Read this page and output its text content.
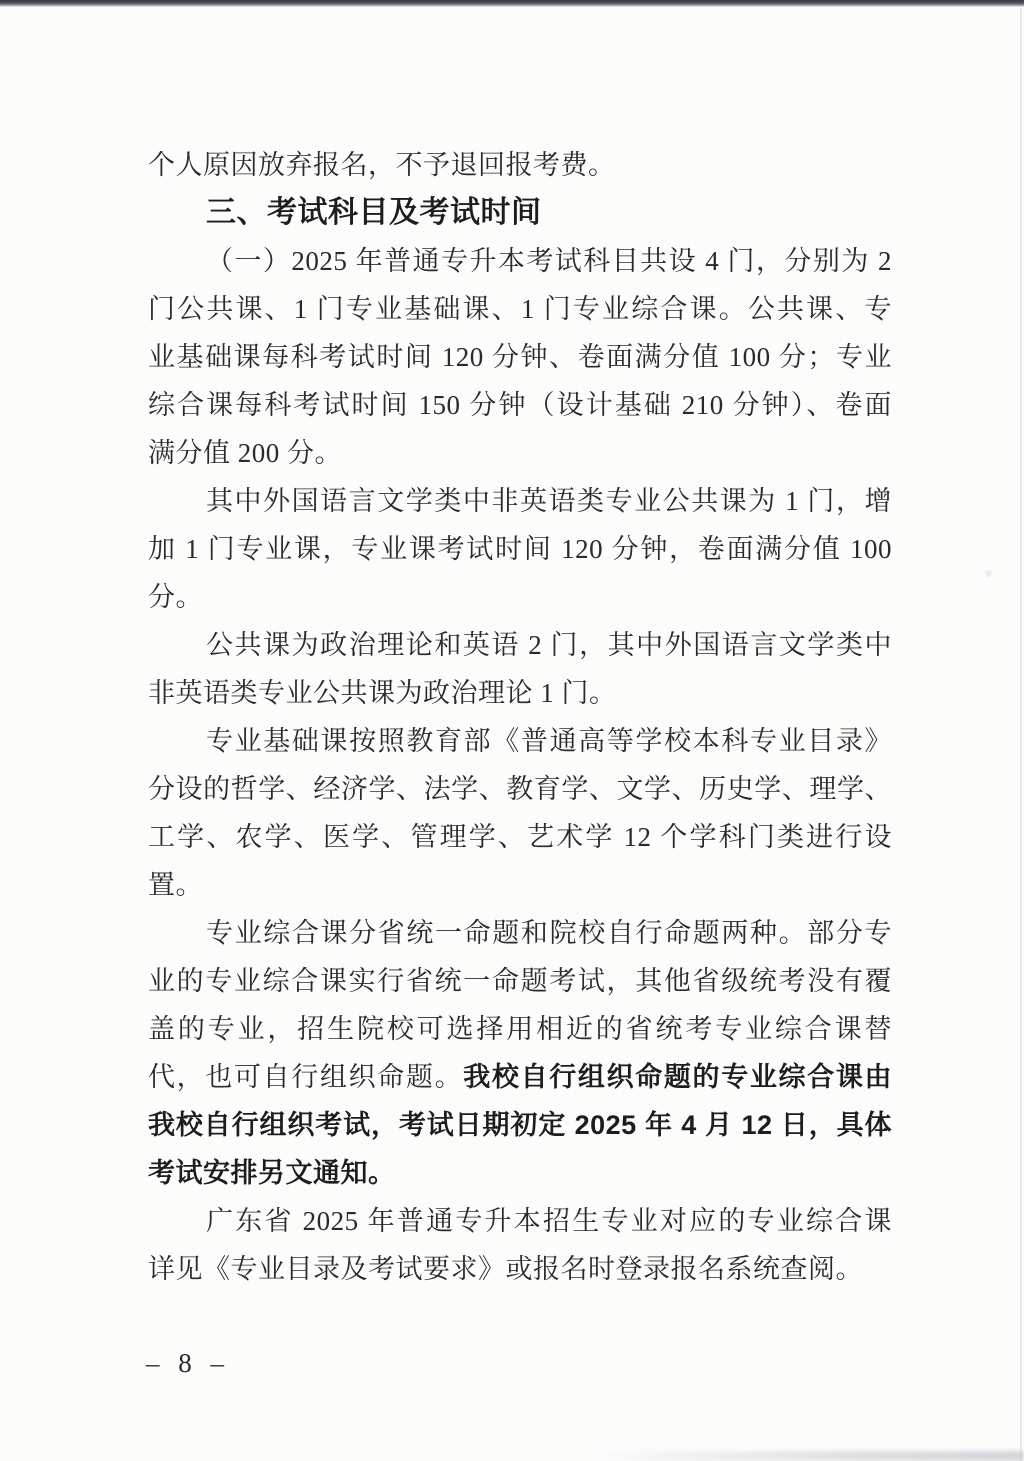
个人原因放弃报名，不予退回报考费。
三、考试科目及考试时间
（一）2025 年普通专升本考试科目共设 4 门，分别为 2
门公共课、1 门专业基础课、1 门专业综合课。公共课、专
业基础课每科考试时间 120 分钟、卷面满分值 100 分；专业
综合课每科考试时间 150 分钟（设计基础 210 分钟）、卷面
满分值 200 分。
其中外国语言文学类中非英语类专业公共课为 1 门，增
加 1 门专业课，专业课考试时间 120 分钟，卷面满分值 100
分。
公共课为政治理论和英语 2 门，其中外国语言文学类中
非英语类专业公共课为政治理论 1 门。
专业基础课按照教育部《普通高等学校本科专业目录》
分设的哲学、经济学、法学、教育学、文学、历史学、理学、
工学、农学、医学、管理学、艺术学 12 个学科门类进行设
置。
专业综合课分省统一命题和院校自行命题两种。部分专
业的专业综合课实行省统一命题考试，其他省级统考没有覆
盖的专业，招生院校可选择用相近的省统考专业综合课替
代，也可自行组织命题。我校自行组织命题的专业综合课由
我校自行组织考试，考试日期初定 2025 年 4 月 12 日，具体
考试安排另文通知。
广东省 2025 年普通专升本招生专业对应的专业综合课
详见《专业目录及考试要求》或报名时登录报名系统查阅。
– 8 –
